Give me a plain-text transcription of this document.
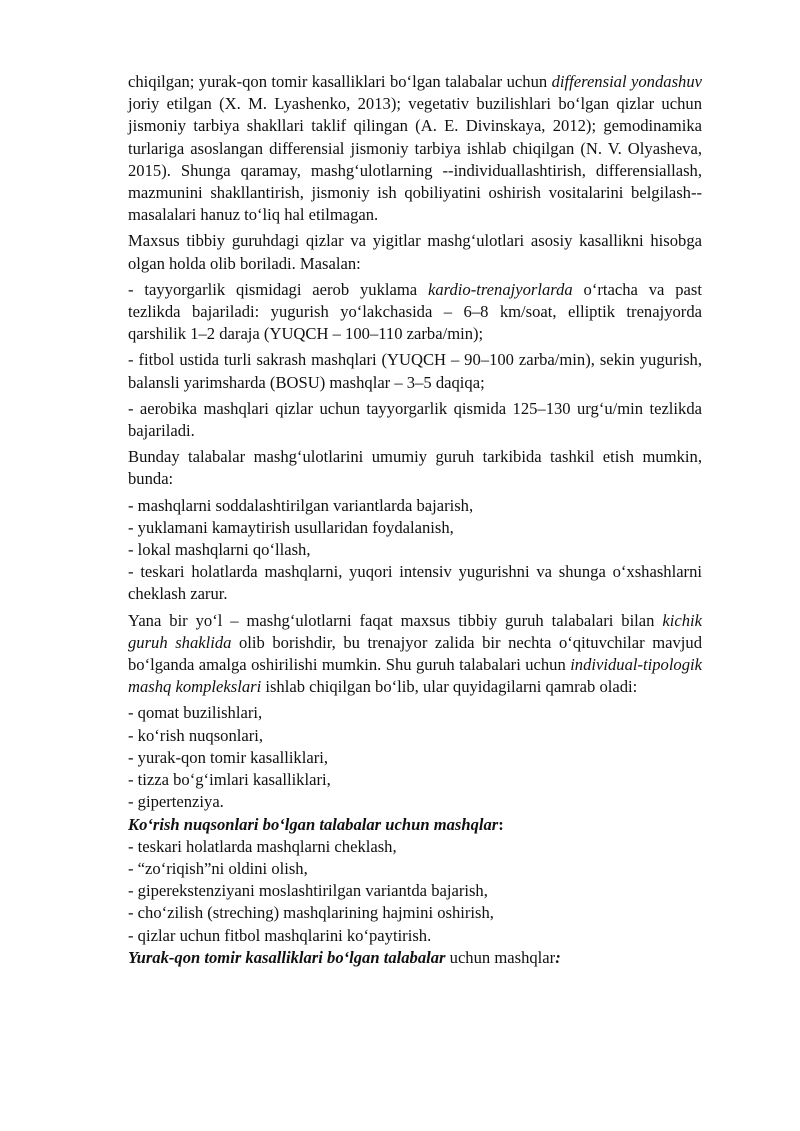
chiqilgan; yurak-qon tomir kasalliklari bo‘lgan talabalar uchun differensial yondashuv joriy etilgan (X. M. Lyashenko, 2013); vegetativ buzilishlari bo‘lgan qizlar uchun jismoniy tarbiya shakllari taklif qilingan (A. E. Divinskaya, 2012); gemodinamika turlariga asoslangan differensial jismoniy tarbiya ishlab chiqilgan (N. V. Olyasheva, 2015). Shunga qaramay, mashg‘ulotlarning --individuallashtirish, differensiallash, mazmunini shakllantirish, jismoniy ish qobiliyatini oshirish vositalarini belgilash-- masalalari hanuz to‘liq hal etilmagan.

Maxsus tibbiy guruhdagi qizlar va yigitlar mashg‘ulotlari asosiy kasallikni hisobga olgan holda olib boriladi. Masalan:

- tayyorgarlik qismidagi aerob yuklama kardio-trenajyorlarda o‘rtacha va past tezlikda bajariladi: yugurish yo‘lakchasida – 6–8 km/soat, elliptik trenajyorda qarshilik 1–2 daraja (YUQCH – 100–110 zarba/min);

- fitbol ustida turli sakrash mashqlari (YUQCH – 90–100 zarba/min), sekin yugurish, balansli yarimsharda (BOSU) mashqlar – 3–5 daqiqa;

- aerobika mashqlari qizlar uchun tayyorgarlik qismida 125–130 urg‘u/min tezlikda bajariladi.

Bunday talabalar mashg‘ulotlarini umumiy guruh tarkibida tashkil etish mumkin, bunda:

- mashqlarni soddalashtirilgan variantlarda bajarish,

- yuklamani kamaytirish usullaridan foydalanish,

- lokal mashqlarni qo‘llash,

- teskari holatlarda mashqlarni, yuqori intensiv yugurishni va shunga o‘xshashlarni cheklash zarur.

Yana bir yo‘l – mashg‘ulotlarni faqat maxsus tibbiy guruh talabalari bilan kichik guruh shaklida olib borishdir, bu trenajyor zalida bir nechta o‘qituvchilar mavjud bo‘lganda amalga oshirilishi mumkin. Shu guruh talabalari uchun individual-tipologik mashq komplekslari ishlab chiqilgan bo‘lib, ular quyidagilarni qamrab oladi:

- qomat buzilishlari,

- ko‘rish nuqsonlari,

- yurak-qon tomir kasalliklari,

- tizza bo‘g‘imlari kasalliklari,

- gipertenziya.

Ko‘rish nuqsonlari bo‘lgan talabalar uchun mashqlar:

- teskari holatlarda mashqlarni cheklash,

- “zo‘riqish”ni oldini olish,

- giperekstenziyani moslashtirilgan variantda bajarish,

- cho‘zilish (streching) mashqlarining hajmini oshirish,

- qizlar uchun fitbol mashqlarini ko‘paytirish.

Yurak-qon tomir kasalliklari bo‘lgan talabalar uchun mashqlar:
